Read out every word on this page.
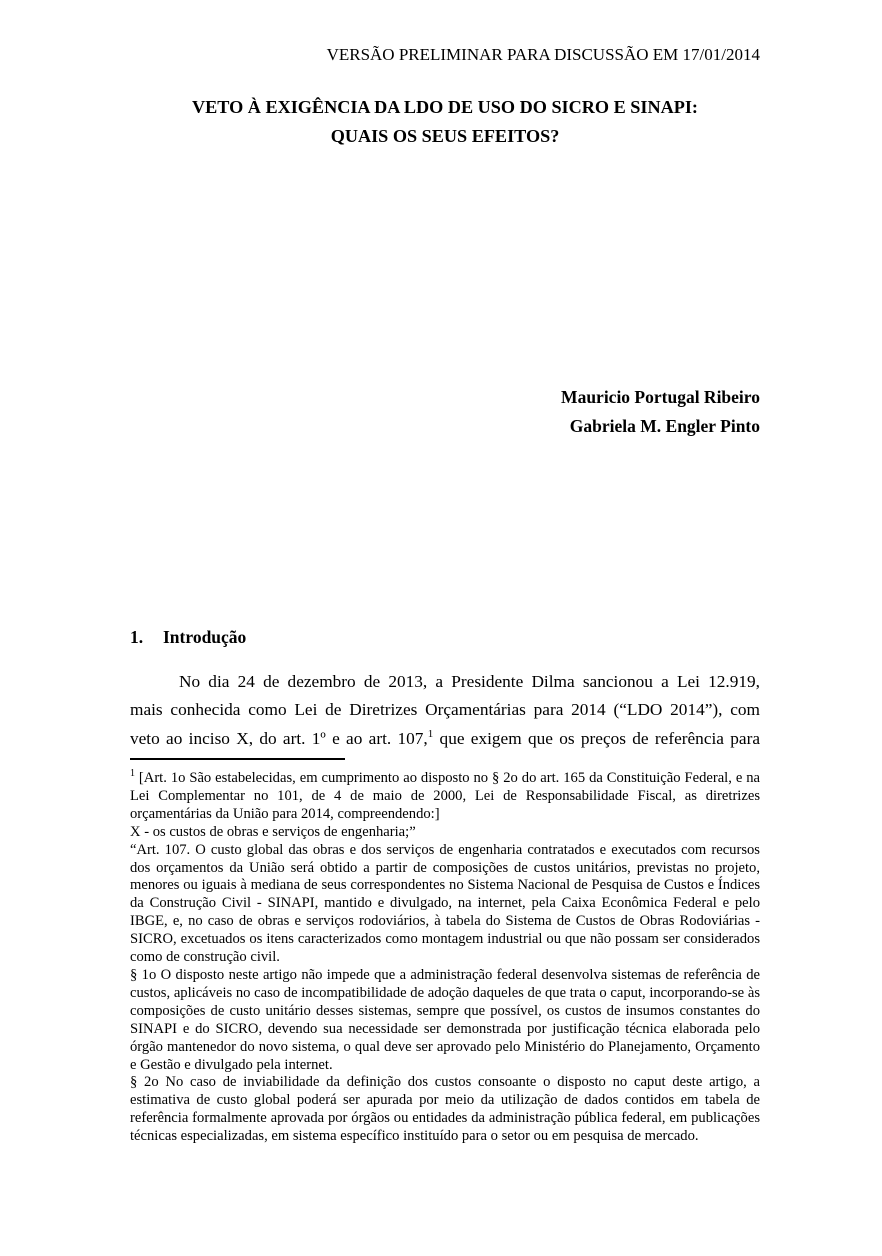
VERSÃO PRELIMINAR PARA DISCUSSÃO EM 17/01/2014
VETO À EXIGÊNCIA DA LDO DE USO DO SICRO E SINAPI:
QUAIS OS SEUS EFEITOS?
Mauricio Portugal Ribeiro
Gabriela M. Engler Pinto
1. Introdução
No dia 24 de dezembro de 2013, a Presidente Dilma sancionou a Lei 12.919,
mais conhecida como Lei de Diretrizes Orçamentárias para 2014 (“LDO 2014”), com
veto ao inciso X, do art. 1º e ao art. 107,$^1$ que exigem que os preços de referência para

$^1$ [Art. 1o São estabelecidas, em cumprimento ao disposto no § 2o do art. 165 da Constituição Federal, e na Lei Complementar no 101, de 4 de maio de 2000, Lei de Responsabilidade Fiscal, as diretrizes orçamentárias da União para 2014, compreendendo:]

X - os custos de obras e serviços de engenharia;”

“Art. 107. O custo global das obras e dos serviços de engenharia contratados e executados com recursos dos orçamentos da União será obtido a partir de composições de custos unitários, previstas no projeto, menores ou iguais à mediana de seus correspondentes no Sistema Nacional de Pesquisa de Custos e Índices da Construção Civil - SINAPI, mantido e divulgado, na internet, pela Caixa Econômica Federal e pelo IBGE, e, no caso de obras e serviços rodoviários, à tabela do Sistema de Custos de Obras Rodoviárias - SICRO, excetuados os itens caracterizados como montagem industrial ou que não possam ser considerados como de construção civil.

§ 1o O disposto neste artigo não impede que a administração federal desenvolva sistemas de referência de custos, aplicáveis no caso de incompatibilidade de adoção daqueles de que trata o caput, incorporando-se às composições de custo unitário desses sistemas, sempre que possível, os custos de insumos constantes do SINAPI e do SICRO, devendo sua necessidade ser demonstrada por justificação técnica elaborada pelo órgão mantenedor do novo sistema, o qual deve ser aprovado pelo Ministério do Planejamento, Orçamento e Gestão e divulgado pela internet.

§ 2o No caso de inviabilidade da definição dos custos consoante o disposto no caput deste artigo, a estimativa de custo global poderá ser apurada por meio da utilização de dados contidos em tabela de referência formalmente aprovada por órgãos ou entidades da administração pública federal, em publicações técnicas especializadas, em sistema específico instituído para o setor ou em pesquisa de mercado.
